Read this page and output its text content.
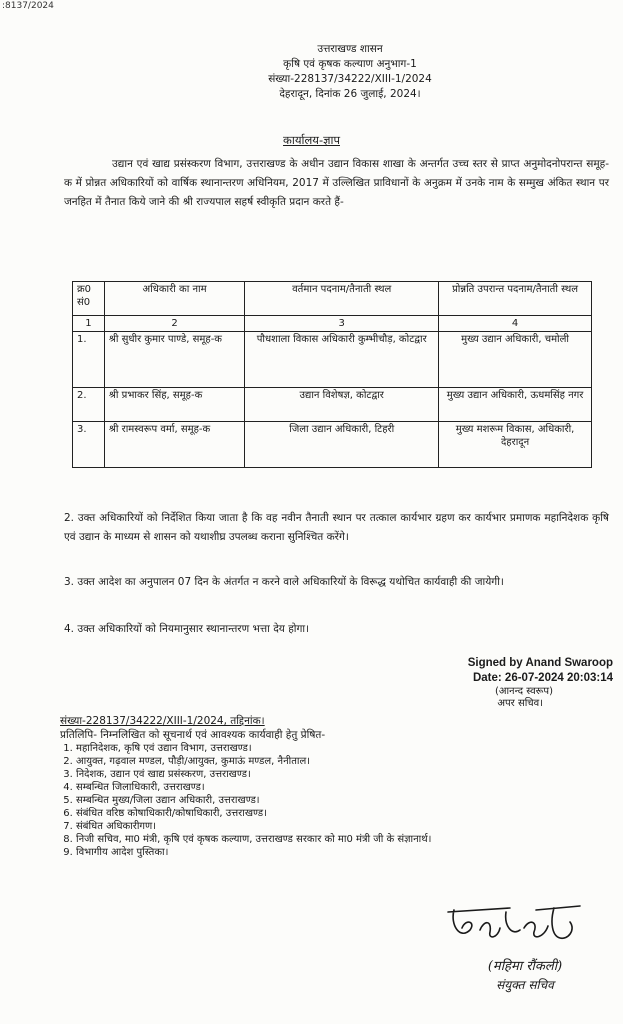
:8137/2024
उत्तराखण्ड शासन
कृषि एवं कृषक कल्याण अनुभाग-1
संख्या-228137/34222/XIII-1/2024
देहरादून, दिनांक 26 जुलाई, 2024।
कार्यालय-ज्ञाप
उद्यान एवं खाद्य प्रसंस्करण विभाग, उत्तराखण्ड के अधीन उद्यान विकास शाखा के अन्तर्गत उच्च स्तर से प्राप्त अनुमोदनोपरान्त समूह-क में प्रोन्नत अधिकारियों को वार्षिक स्थानान्तरण अधिनियम, 2017 में उल्लिखित प्राविधानों के अनुक्रम में उनके नाम के सम्मुख अंकित स्थान पर जनहित में तैनात किये जाने की श्री राज्यपाल सहर्ष स्वीकृति प्रदान करते हैं-
क्र0 सं0	अधिकारी का नाम	वर्तमान पदनाम/तैनाती स्थल	प्रोन्नति उपरान्त पदनाम/तैनाती स्थल
1	2	3	4
1.	श्री सुधीर कुमार पाण्डे, समूह-क	पौधशाला विकास अधिकारी कुम्भीचौड़, कोटद्वार	मुख्य उद्यान अधिकारी, चमोली
2.	श्री प्रभाकर सिंह, समूह-क	उद्यान विशेषज्ञ, कोटद्वार	मुख्य उद्यान अधिकारी, ऊधमसिंह नगर
3.	श्री रामस्वरूप वर्मा, समूह-क	जिला उद्यान अधिकारी, टिहरी	मुख्य मशरूम विकास, अधिकारी, देहरादून
2. उक्त अधिकारियों को निर्देशित किया जाता है कि वह नवीन तैनाती स्थान पर तत्काल कार्यभार ग्रहण कर कार्यभार प्रमाणक महानिदेशक कृषि एवं उद्यान के माध्यम से शासन को यथाशीघ्र उपलब्ध कराना सुनिश्चित करेंगे।
3. उक्त आदेश का अनुपालन 07 दिन के अंतर्गत न करने वाले अधिकारियों के विरूद्ध यथोचित कार्यवाही की जायेगी।
4. उक्त अधिकारियों को नियमानुसार स्थानान्तरण भत्ता देय होगा।
Signed by Anand Swaroop
Date: 26-07-2024 20:03:14
(आनन्द स्वरूप)
अपर सचिव।
संख्या-228137/34222/XIII-1/2024, तद्दिनांक।
प्रतिलिपि- निम्नलिखित को सूचनार्थ एवं आवश्यक कार्यवाही हेतु प्रेषित-
1. महानिदेशक, कृषि एवं उद्यान विभाग, उत्तराखण्ड।
2. आयुक्त, गढ़वाल मण्डल, पौड़ी/आयुक्त, कुमाऊं मण्डल, नैनीताल।
3. निदेशक, उद्यान एवं खाद्य प्रसंस्करण, उत्तराखण्ड।
4. सम्बन्धित जिलाधिकारी, उत्तराखण्ड।
5. सम्बन्धित मुख्य/जिला उद्यान अधिकारी, उत्तराखण्ड।
6. संबंधित वरिष्ठ कोषाधिकारी/कोषाधिकारी, उत्तराखण्ड।
7. संबंधित अधिकारीगण।
8. निजी सचिव, मा0 मंत्री, कृषि एवं कृषक कल्याण, उत्तराखण्ड सरकार को मा0 मंत्री जी के संज्ञानार्थ।
9. विभागीय आदेश पुस्तिका।
(महिमा रौंकली)
संयुक्त सचिव
